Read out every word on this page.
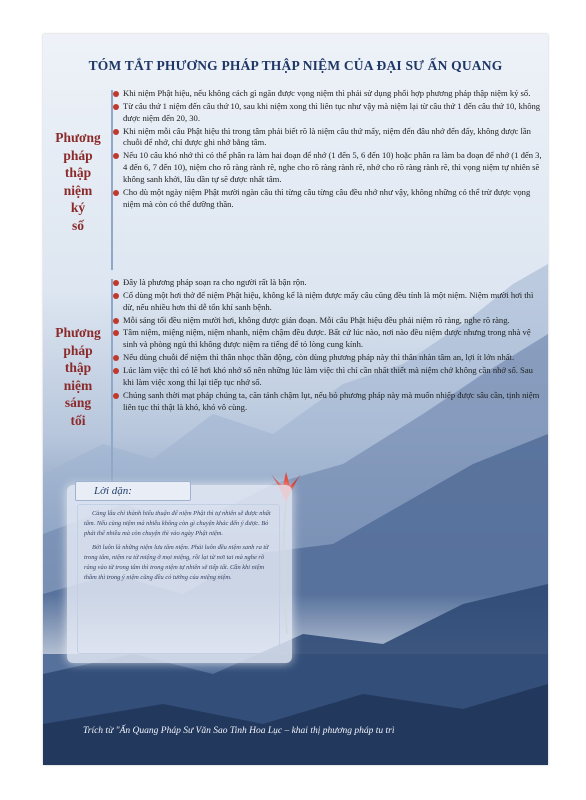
TÓM TẮT PHƯƠNG PHÁP THẬP NIỆM CỦA ĐẠI SƯ ẤN QUANG
Phương
pháp
thập
niệm
ký
số
Khi niệm Phật hiệu, nếu không cách gì ngăn được vọng niệm thì phải sử dụng phối hợp phương pháp thập niệm ký số.
Từ câu thứ 1 niệm đến câu thứ 10, sau khi niệm xong thì liên tục như vậy mà niệm lại từ câu thứ 1 đến câu thứ 10, không được niệm đến 20, 30.
Khi niệm mỗi câu Phật hiệu thì trong tâm phải biết rõ là niệm câu thứ mấy, niệm đến đâu nhớ đến đấy, không được lần chuỗi để nhớ, chỉ được ghi nhớ bằng tâm.
Nếu 10 câu khó nhớ thì có thể phân ra làm hai đoạn để nhớ (1 đến 5, 6 đến 10) hoặc phân ra làm ba đoạn để nhớ (1 đến 3, 4 đến 6, 7 đến 10), niệm cho rõ ràng rành rẽ, nghe cho rõ ràng rành rẽ, nhớ cho rõ ràng rành rẽ, thì vọng niệm tự nhiên sẽ không sanh khởi, lâu dần tự sẽ được nhất tâm.
Cho dù một ngày niệm Phật mười ngàn câu thì từng câu từng câu đều nhớ như vậy, không những có thể trừ được vọng niệm mà còn có thể dưỡng thần.
Phương
pháp
thập
niệm
sáng
tối
Đây là phương pháp soạn ra cho người rất là bận rộn.
Cố dùng một hơi thở để niệm Phật hiệu, không kể là niệm được mấy câu cũng đều tính là một niệm. Niệm mười hơi thì dừ, nếu nhiều hơn thì dễ tổn khí sanh bệnh.
Mỗi sáng tối đều niệm mười hơi, không được gián đoạn. Mỗi câu Phật hiệu đều phải niệm rõ ràng, nghe rõ ràng.
Tâm niệm, miệng niệm, niệm nhanh, niệm chậm đều được. Bất cứ lúc nào, nơi nào đều niệm được nhưng trong nhà vệ sinh và phòng ngủ thì không được niệm ra tiếng để tỏ lòng cung kính.
Nếu dùng chuỗi để niệm thì thân nhọc thần động, còn dùng phương pháp này thì thân nhàn tâm an, lợi ít lớn nhất.
Lúc làm việc thì có lẽ hơi khó nhớ số nên những lúc làm việc thì chỉ cần nhất thiết mà niệm chớ không cần nhớ số. Sau khi làm việc xong thì lại tiếp tục nhớ số.
Chúng sanh thời mạt pháp chúng ta, căn tánh chậm lụt, nếu bỏ phương pháp này mà muốn nhiếp được sâu cần, tịnh niệm liên tục thì thật là khó, khó vô cùng.
Lời dặn:

Càng lâu chỉ thành hiểu thuận để niệm Phật thì tự nhiên sẽ được nhất tâm. Nếu cùng niệm mà nhiều không còn gì chuyện khác đến ý được. Bỏ phát thể nhiều mà còn chuyện thì vào ngày Phật niệm.

Bởi luôn là những niệm lưu tâm niệm. Phải luôn đều niệm sanh ra từ trong tâm, niệm ra từ miệng ở mọi miệng, rồi lại từ nơi tai mà nghe rõ ràng vào từ trong tâm thì trong niệm tự nhiên sẽ tiếp tất. Cần khi niệm thầm thì trong ý niệm cũng đều có tướng của miệng niệm.

Trích từ "Ấn Quang Pháp Sư Văn Sao Tinh Hoa Lục – khai thị phương pháp tu trì
